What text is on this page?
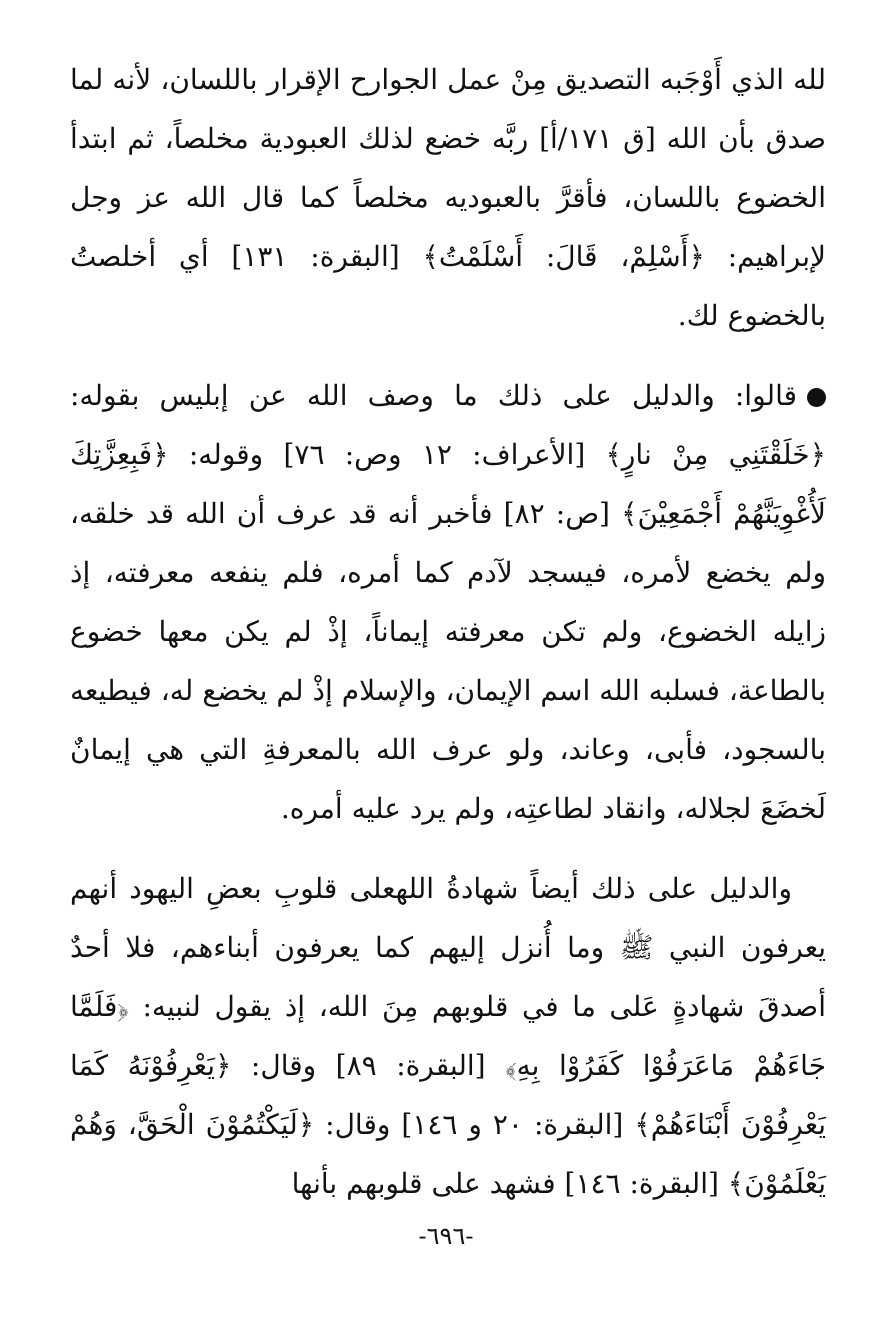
لله الذي أَوْجَبه التصديق مِنْ عمل الجوارح الإقرار باللسان، لأنه لما صدق بأن الله [ق ١٧١/أ] ربَّه خضع لذلك العبودية مخلصاً، ثم ابتدأ الخضوع باللسان، فأقرَّ بالعبوديه مخلصاً كما قال الله عز وجل لإبراهيم: ﴿أَسْلِمْ، قَالَ: أَسْلَمْتُ﴾ [البقرة: ١٣١] أي أخلصتُ بالخضوع لك.

قالوا: والدليل على ذلك ما وصف الله عن إبليس بقوله: ﴿خَلَقْتَنِي مِنْ نارٍ﴾ [الأعراف: ١٢ وص: ٧٦] وقوله: ﴿فَبِعِزَّتِكَ لَأُغْوِيَنَّهُمْ أَجْمَعِيْنَ﴾ [ص: ٨٢] فأخبر أنه قد عرف أن الله قد خلقه، ولم يخضع لأمره، فيسجد لآدم كما أمره، فلم ينفعه معرفته، إذ زايله الخضوع، ولم تكن معرفته إيماناً، إذْ لم يكن معها خضوع بالطاعة، فسلبه الله اسم الإيمان، والإسلام إذْ لم يخضع له، فيطيعه بالسجود، فأبى، وعاند، ولو عرف الله بالمعرفةِ التي هي إيمانٌ لَخضَعَ لجلاله، وانقاد لطاعتِه، ولم يرد عليه أمره.

والدليل على ذلك أيضاً شهادةُ اللهعلى قلوبِ بعضِ اليهود أنهم يعرفون النبي ﷺ وما أُنزل إليهم كما يعرفون أبناءهم، فلا أحدٌ أصدقَ شهادةٍ عَلى ما في قلوبهم مِنَ الله، إذ يقول لنبيه: ﴿فَلَمَّا جَاءَهُمْ مَاعَرَفُوْا كَفَرُوْا بِهِ﴾ [البقرة: ٨٩] وقال: ﴿يَعْرِفُوْنَهُ كَمَا يَعْرِفُوْنَ أَبْنَاءَهُمْ﴾ [البقرة: ٢٠ و ١٤٦] وقال: ﴿لَيَكْتُمُوْنَ الْحَقَّ، وَهُمْ يَعْلَمُوْنَ﴾ [البقرة: ١٤٦] فشهد على قلوبهم بأنها

-٦٩٦-
